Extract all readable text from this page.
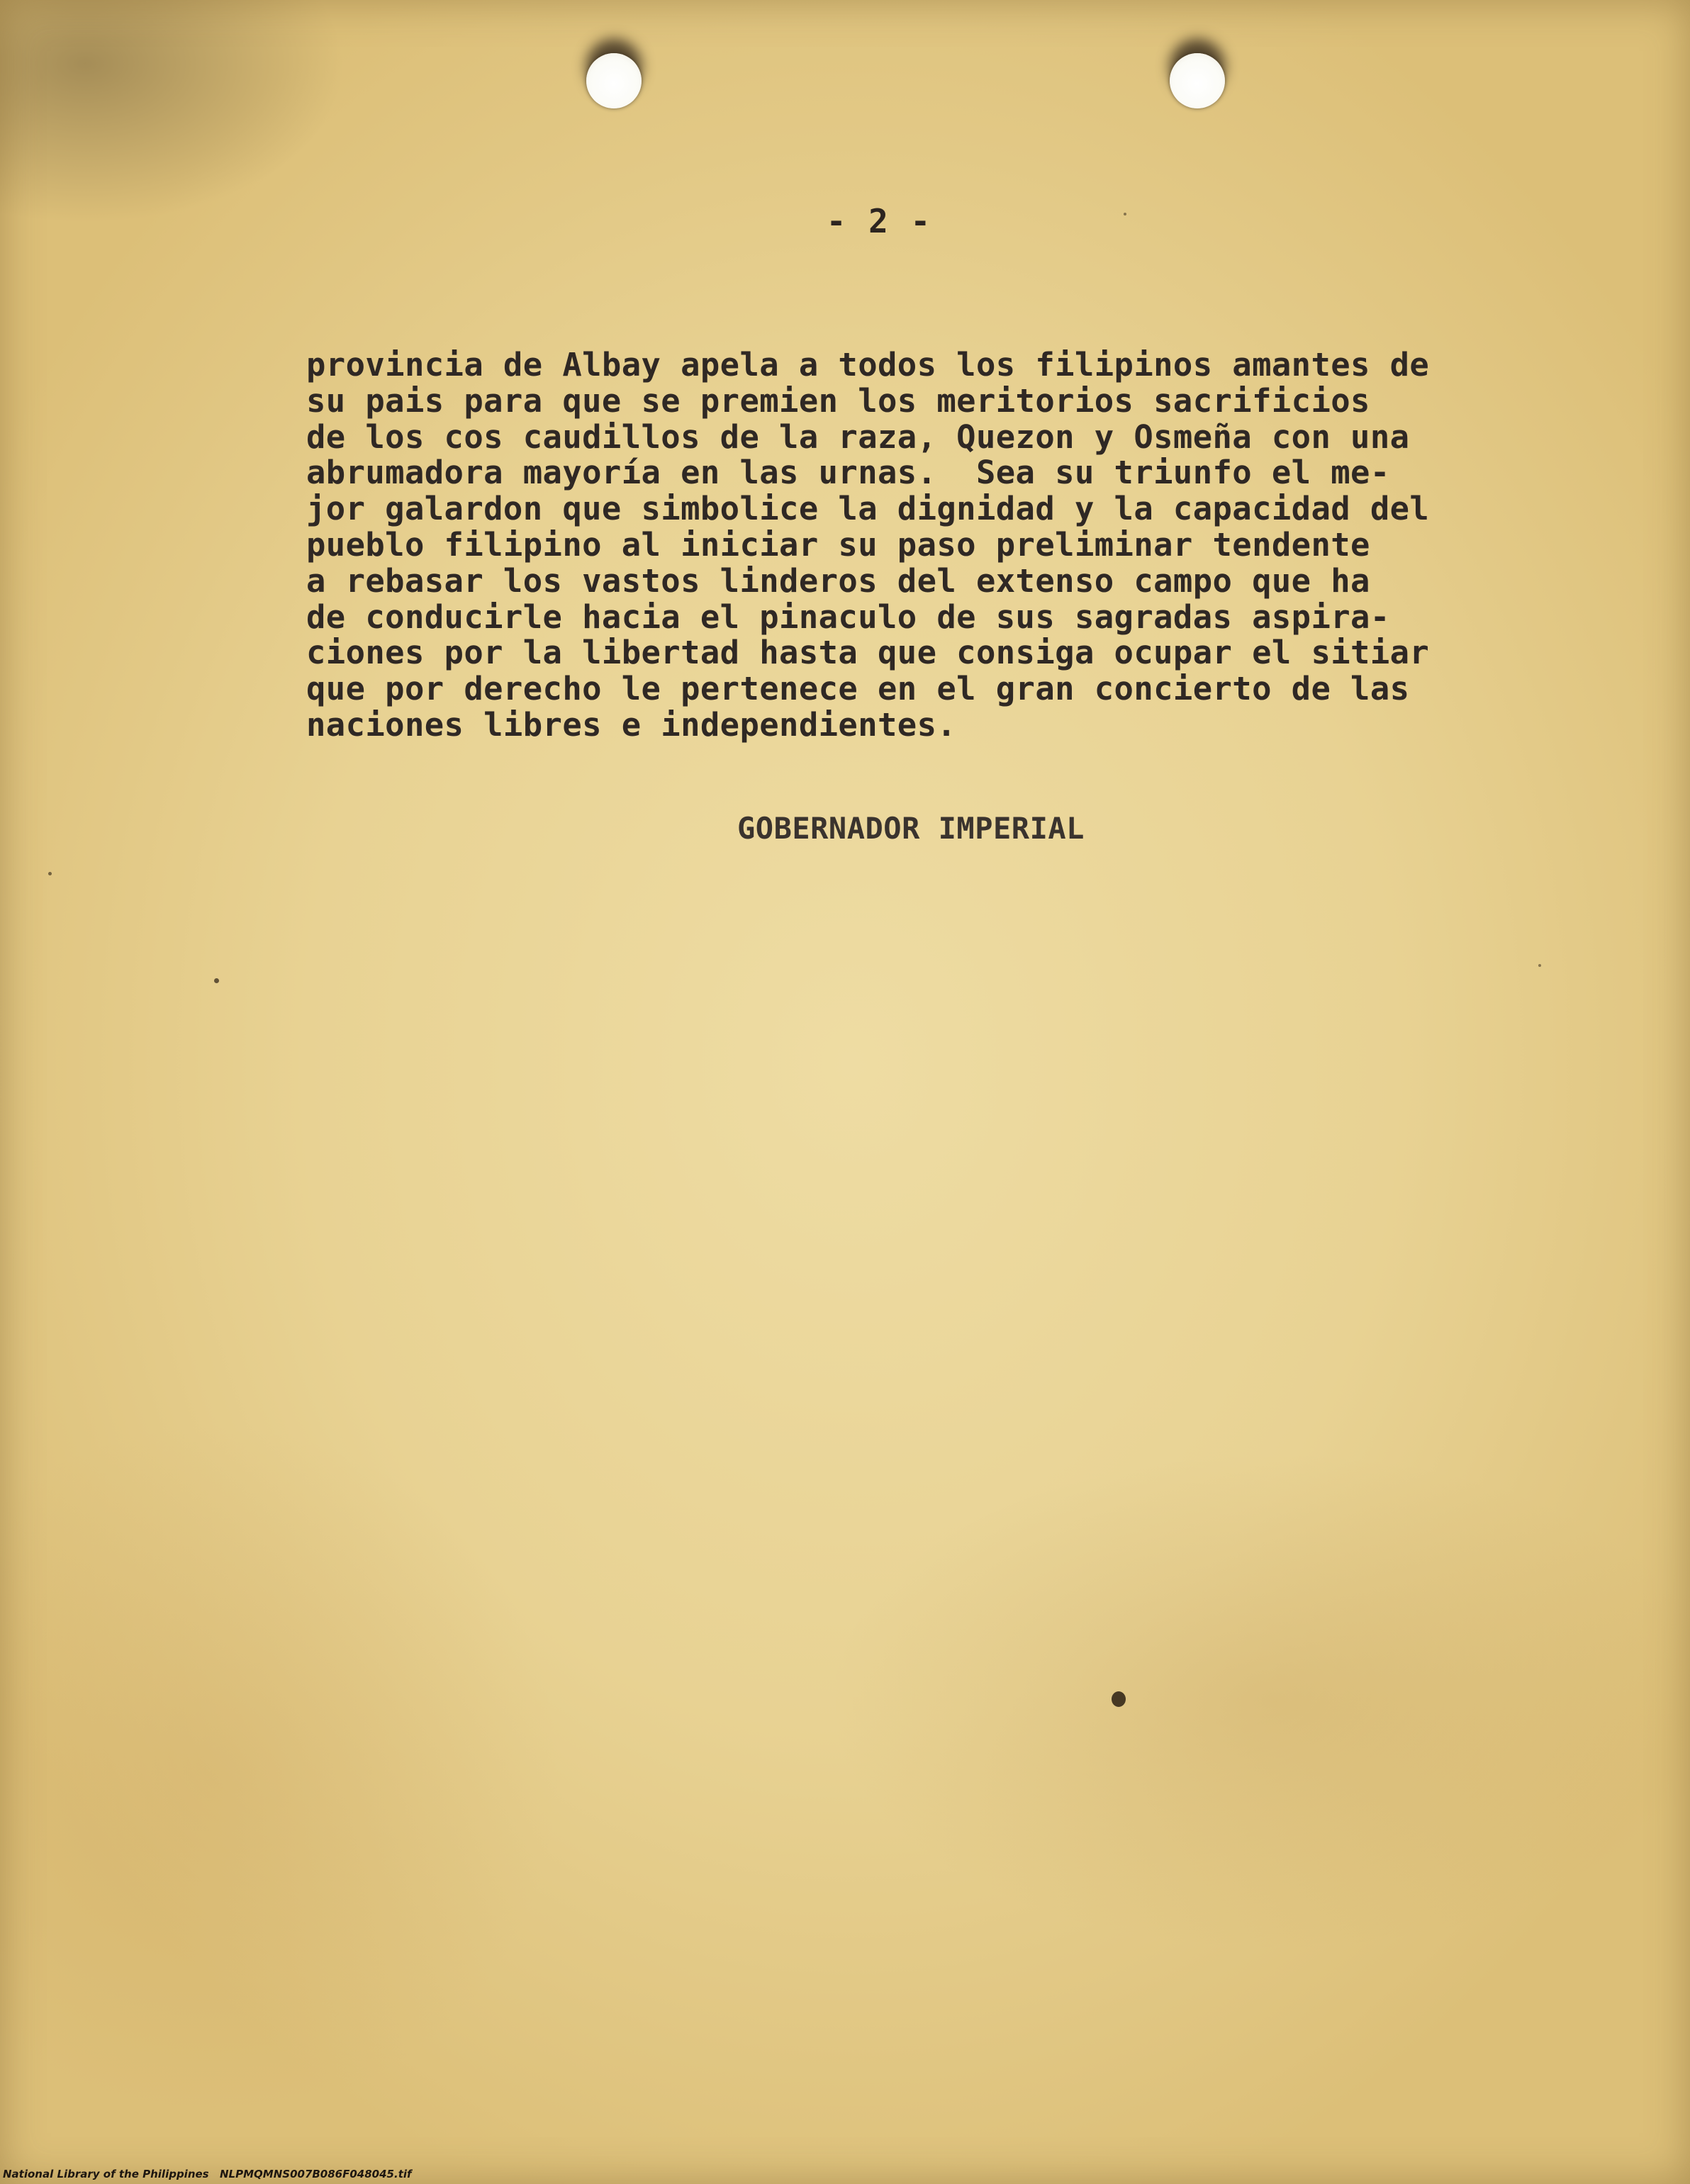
- 2 -

provincia de Albay apela a todos los filipinos amantes de
su pais para que se premien los meritorios sacrificios
de los cos caudillos de la raza, Quezon y Osmeña con una
abrumadora mayoría en las urnas.  Sea su triunfo el me-
jor galardon que simbolice la dignidad y la capacidad del
pueblo filipino al iniciar su paso preliminar tendente
a rebasar los vastos linderos del extenso campo que ha
de conducirle hacia el pinaculo de sus sagradas aspira-
ciones por la libertad hasta que consiga ocupar el sitiar
que por derecho le pertenece en el gran concierto de las
naciones libres e independientes.

GOBERNADOR IMPERIAL
National Library of the Philippines NLPMQMNS007B086F048045.tif
